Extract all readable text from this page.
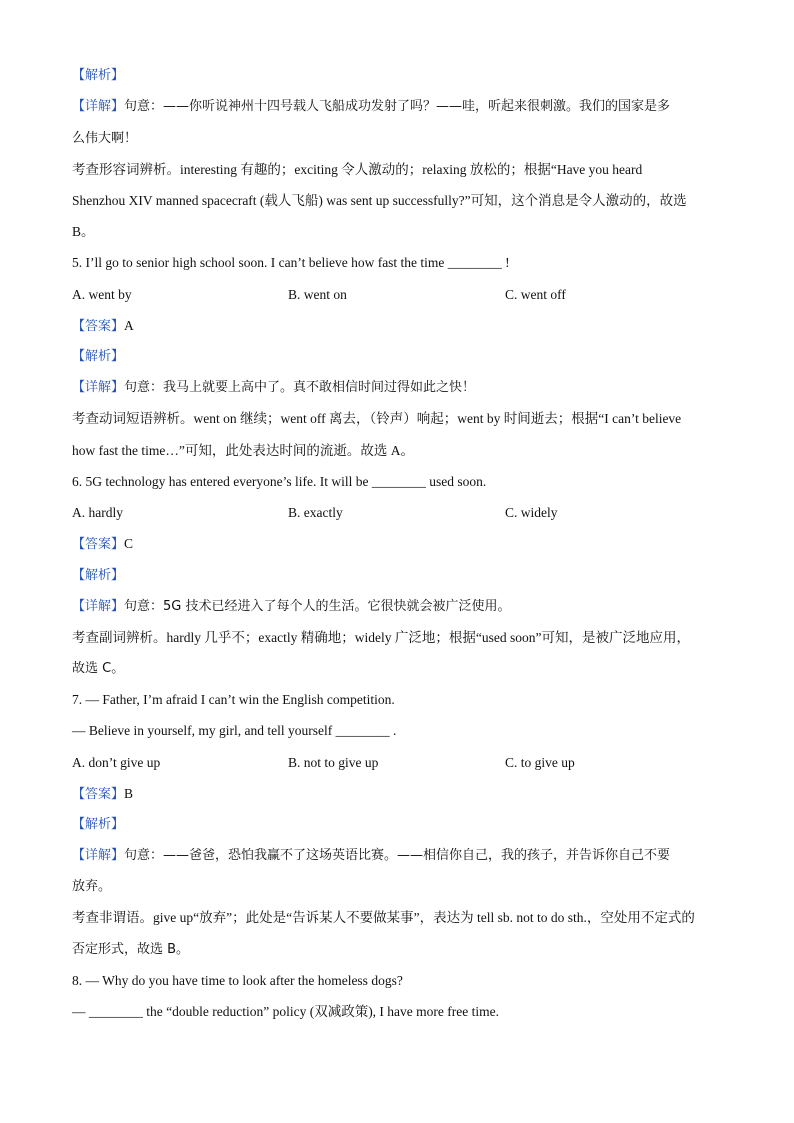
【解析】
【详解】句意：——你听说神州十四号载人飞船成功发射了吗？——哇，听起来很刺激。我们的国家是多
么伟大啊！
考查形容词辨析。interesting 有趣的；exciting 令人激动的；relaxing 放松的；根据“Have you heard
Shenzhou XIV manned spacecraft (载人飞船) was sent up successfully?”可知，这个消息是令人激动的，故选
B。
5. I’ll go to senior high school soon. I can’t believe how fast the time ________ !
A. went by	B. went on	C. went off
【答案】A
【解析】
【详解】句意：我马上就要上高中了。真不敢相信时间过得如此之快！
考查动词短语辨析。went on 继续；went off 离去，（铃声）响起；went by 时间逝去；根据“I can’t believe
how fast the time…”可知，此处表达时间的流逝。故选 A。
6. 5G technology has entered everyone’s life. It will be ________ used soon.
A. hardly	B. exactly	C. widely
【答案】C
【解析】
【详解】句意：5G 技术已经进入了每个人的生活。它很快就会被广泛使用。
考查副词辨析。hardly 几乎不；exactly 精确地；widely 广泛地；根据“used soon”可知，是被广泛地应用，
故选 C。
7. — Father, I’m afraid I can’t win the English competition.
— Believe in yourself, my girl, and tell yourself ________ .
A. don’t give up	B. not to give up	C. to give up
【答案】B
【解析】
【详解】句意：——爸爸，恐怕我赢不了这场英语比赛。——相信你自己，我的孩子，并告诉你自己不要
放弃。
考查非谓语。give up“放弃”；此处是“告诉某人不要做某事”，表达为 tell sb. not to do sth.，空处用不定式的
否定形式，故选 B。
8. — Why do you have time to look after the homeless dogs?
— ________ the “double reduction” policy (双减政策), I have more free time.
